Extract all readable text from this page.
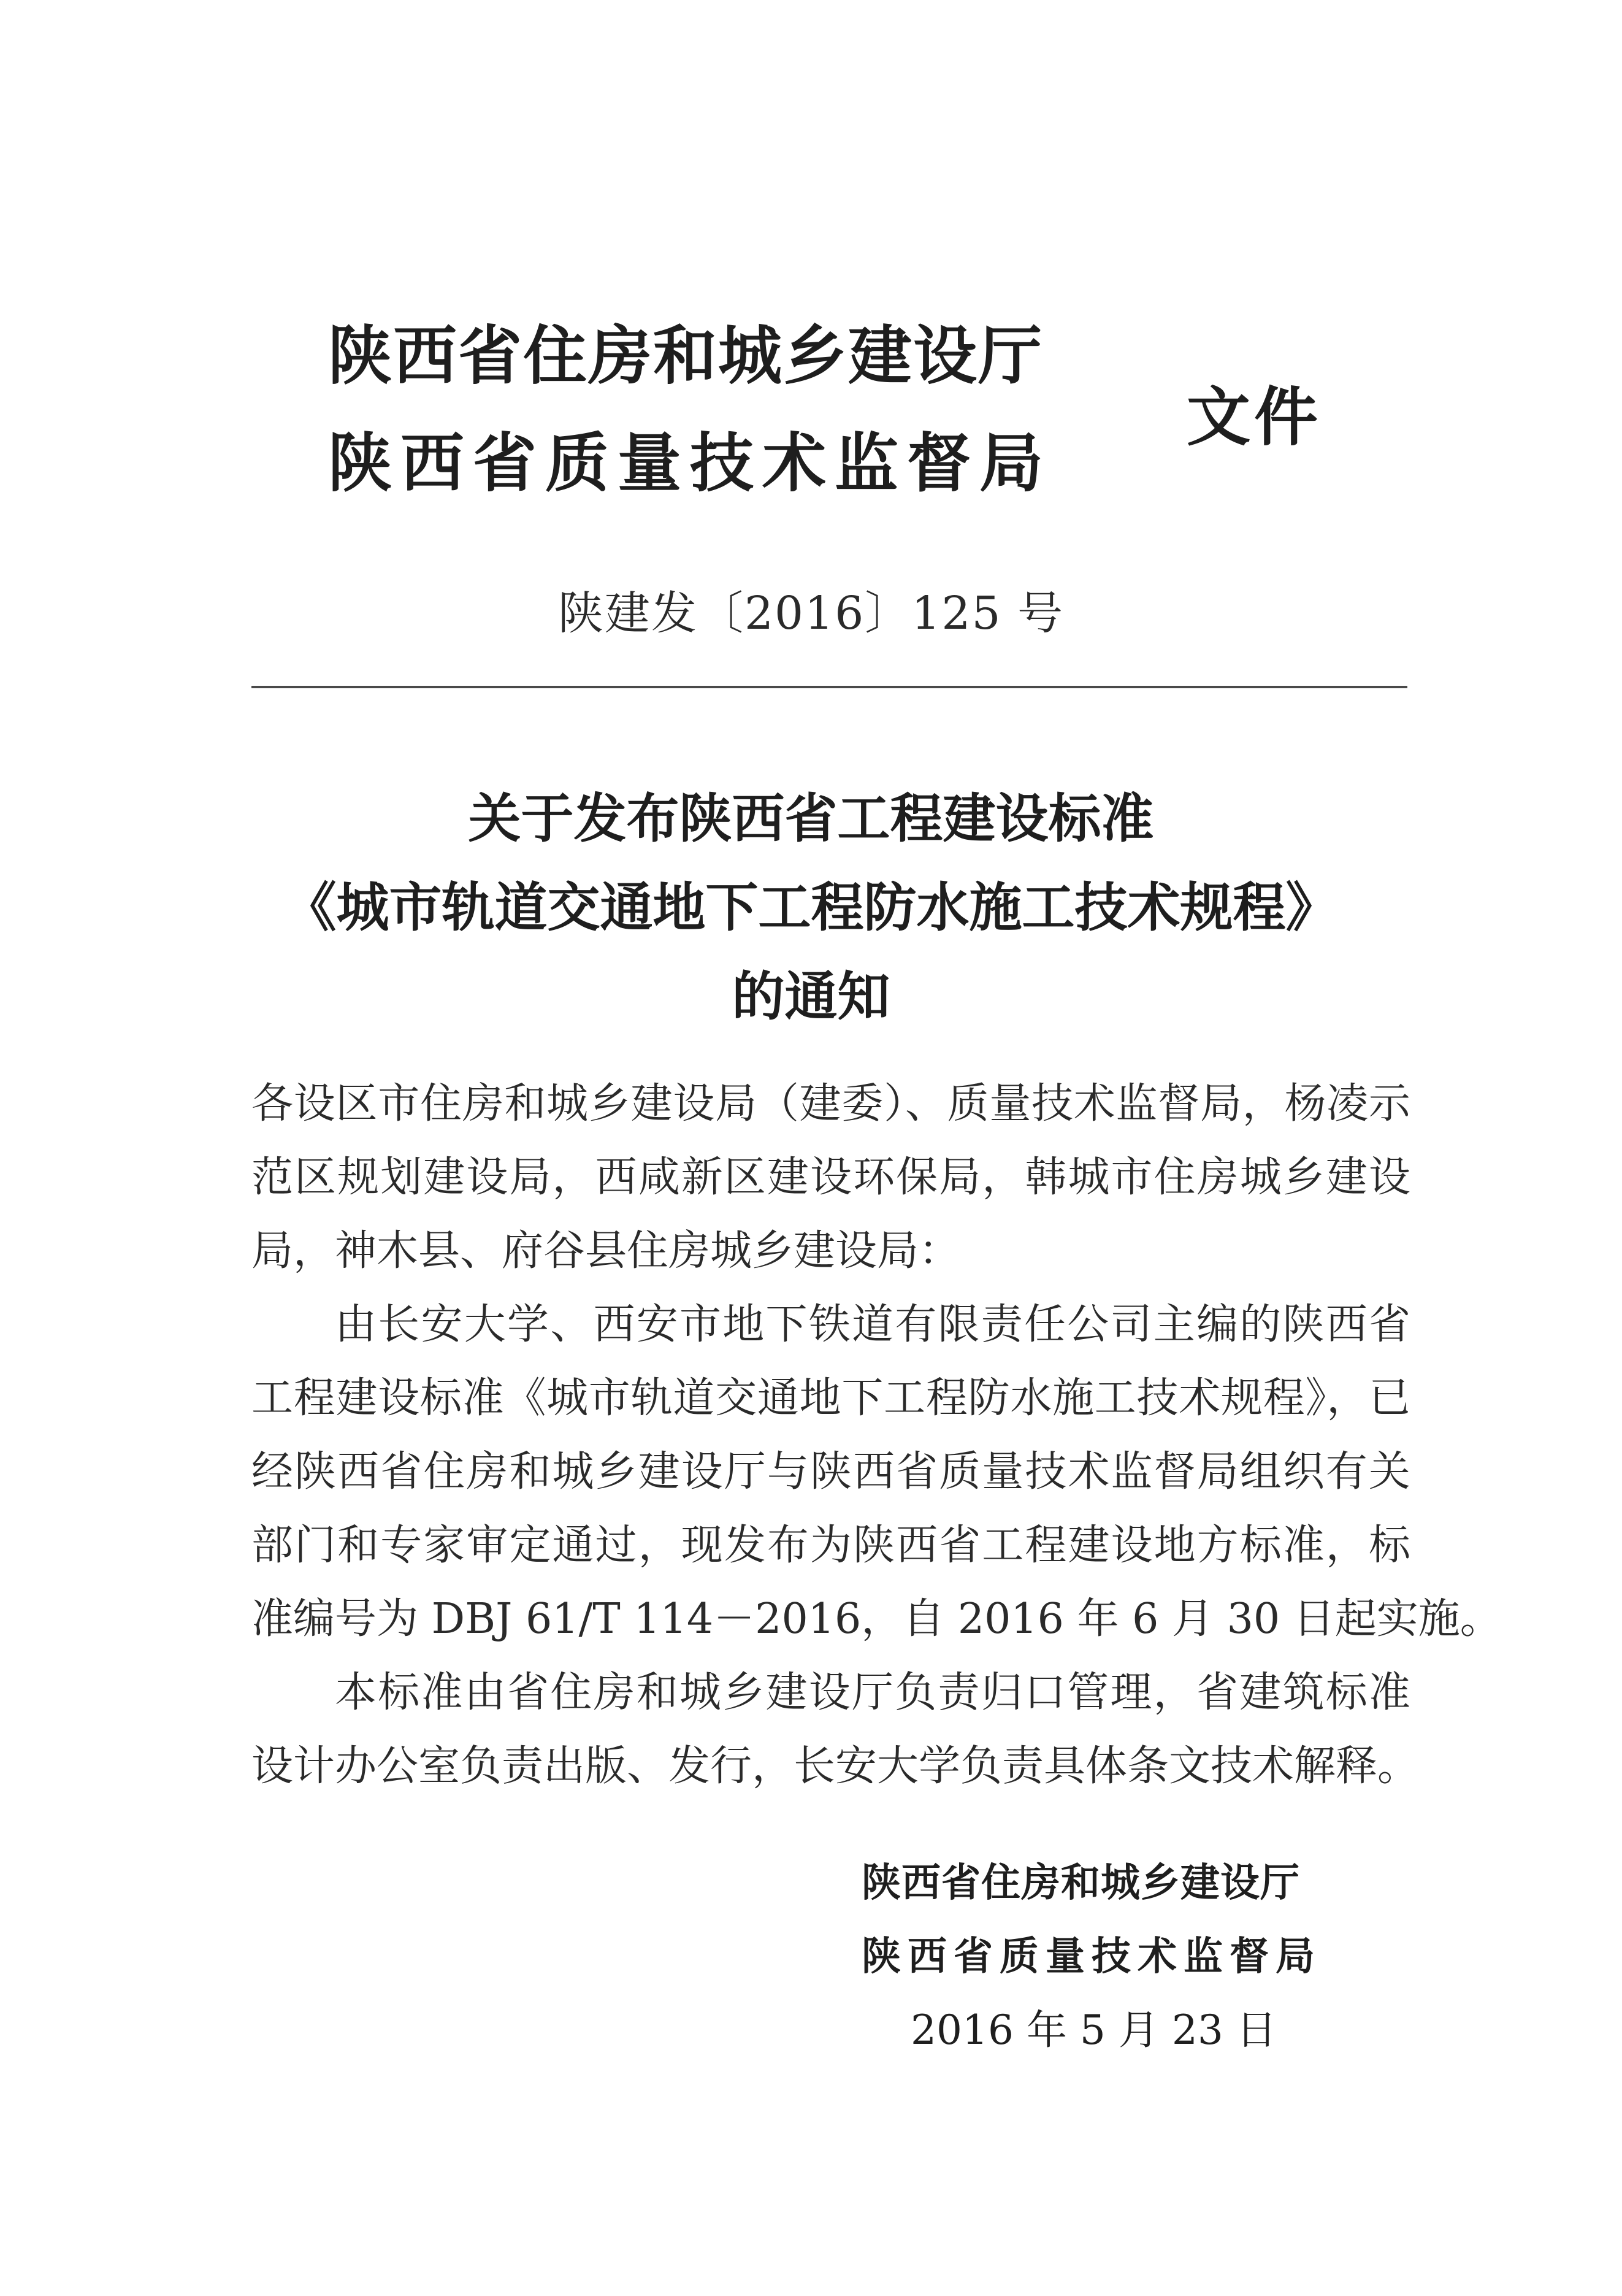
陕西省住房和城乡建设厅
陕西省质量技术监督局
文件
陕建发〔2016〕125 号
关于发布陕西省工程建设标准
《城市轨道交通地下工程防水施工技术规程》
的通知
各设区市住房和城乡建设局（建委）、质量技术监督局，杨凌示
范区规划建设局，西咸新区建设环保局，韩城市住房城乡建设
局，神木县、府谷县住房城乡建设局：
由长安大学、西安市地下铁道有限责任公司主编的陕西省
工程建设标准《城市轨道交通地下工程防水施工技术规程》，已
经陕西省住房和城乡建设厅与陕西省质量技术监督局组织有关
部门和专家审定通过，现发布为陕西省工程建设地方标准，标
准编号为 DBJ 61/T 114－2016，自 2016 年 6 月 30 日起实施。
本标准由省住房和城乡建设厅负责归口管理，省建筑标准
设计办公室负责出版、发行，长安大学负责具体条文技术解释。
陕西省住房和城乡建设厅
陕西省质量技术监督局
2016 年 5 月 23 日
